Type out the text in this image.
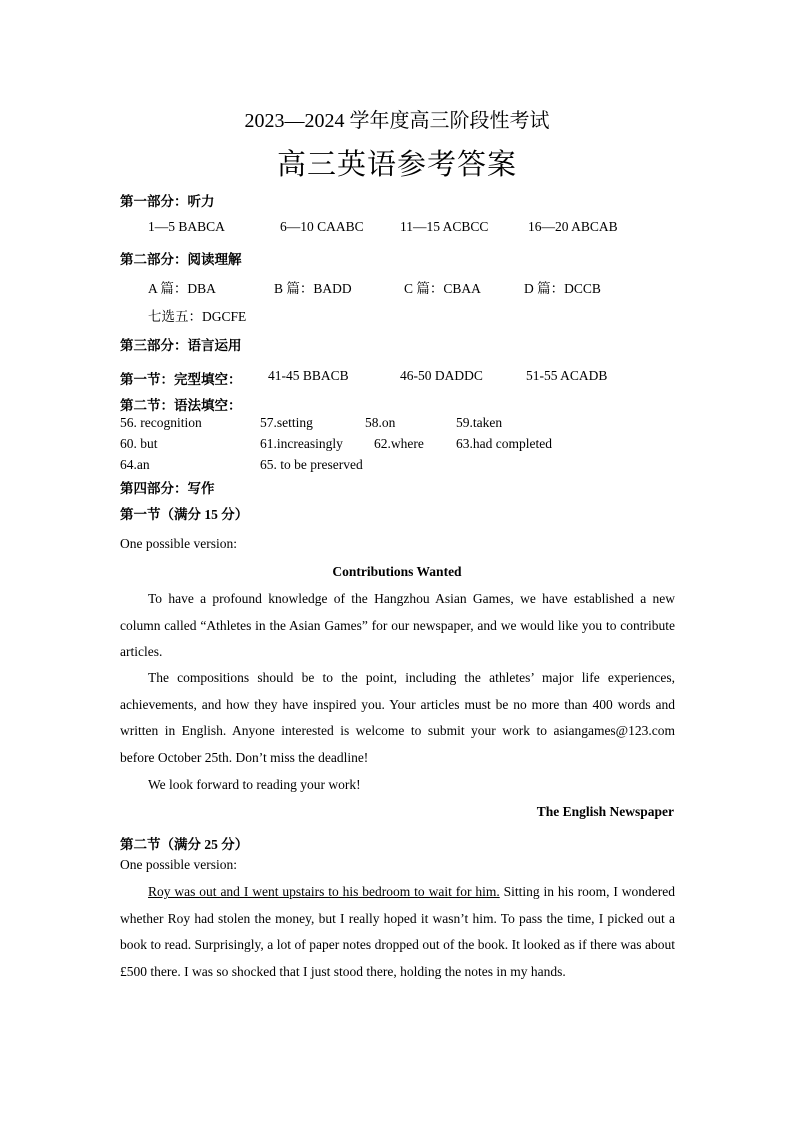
2023—2024 学年度高三阶段性考试
高三英语参考答案
第一部分：听力
1—5 BABCA	6—10 CAABC	11—15 ACBCC	16—20 ABCAB
第二部分：阅读理解
A 篇：DBA	B 篇：BADD	C 篇：CBAA	D 篇：DCCB
七选五：DGCFE
第三部分：语言运用
第一节：完型填空： 41-45 BBACB	46-50 DADDC	51-55 ACADB
第二节：语法填空：
56. recognition	57.setting	58.on	59.taken
60. but	61.increasingly 62.where 63.had completed
64.an	65. to be preserved
第四部分：写作
第一节（满分 15 分）
One possible version:
Contributions Wanted
To have a profound knowledge of the Hangzhou Asian Games, we have established a new column called “Athletes in the Asian Games” for our newspaper, and we would like you to contribute articles.
The compositions should be to the point, including the athletes’ major life experiences, achievements, and how they have inspired you. Your articles must be no more than 400 words and written in English. Anyone interested is welcome to submit your work to asiangames@123.com before October 25th. Don’t miss the deadline!
We look forward to reading your work!
The English Newspaper
第二节（满分 25 分）
One possible version:
Roy was out and I went upstairs to his bedroom to wait for him. Sitting in his room, I wondered whether Roy had stolen the money, but I really hoped it wasn’t him. To pass the time, I picked out a book to read. Surprisingly, a lot of paper notes dropped out of the book. It looked as if there was about £500 there. I was so shocked that I just stood there, holding the notes in my hands.
